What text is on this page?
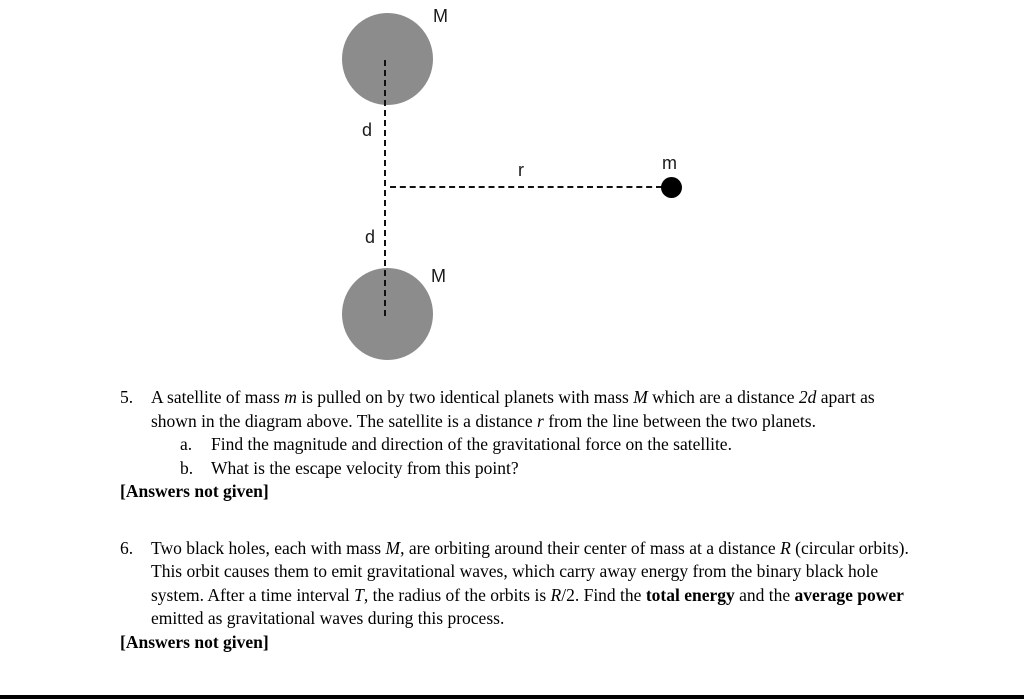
M
d
d
r	m
M
5.	A satellite of mass m is pulled on by two identical planets with mass M which are a distance 2d apart as shown in the diagram above. The satellite is a distance r from the line between the two planets.
a.	Find the magnitude and direction of the gravitational force on the satellite.
b.	What is the escape velocity from this point?
[Answers not given]
6.	Two black holes, each with mass M, are orbiting around their center of mass at a distance R (circular orbits). This orbit causes them to emit gravitational waves, which carry away energy from the binary black hole system. After a time interval T, the radius of the orbits is R/2. Find the total energy and the average power emitted as gravitational waves during this process.
[Answers not given]
